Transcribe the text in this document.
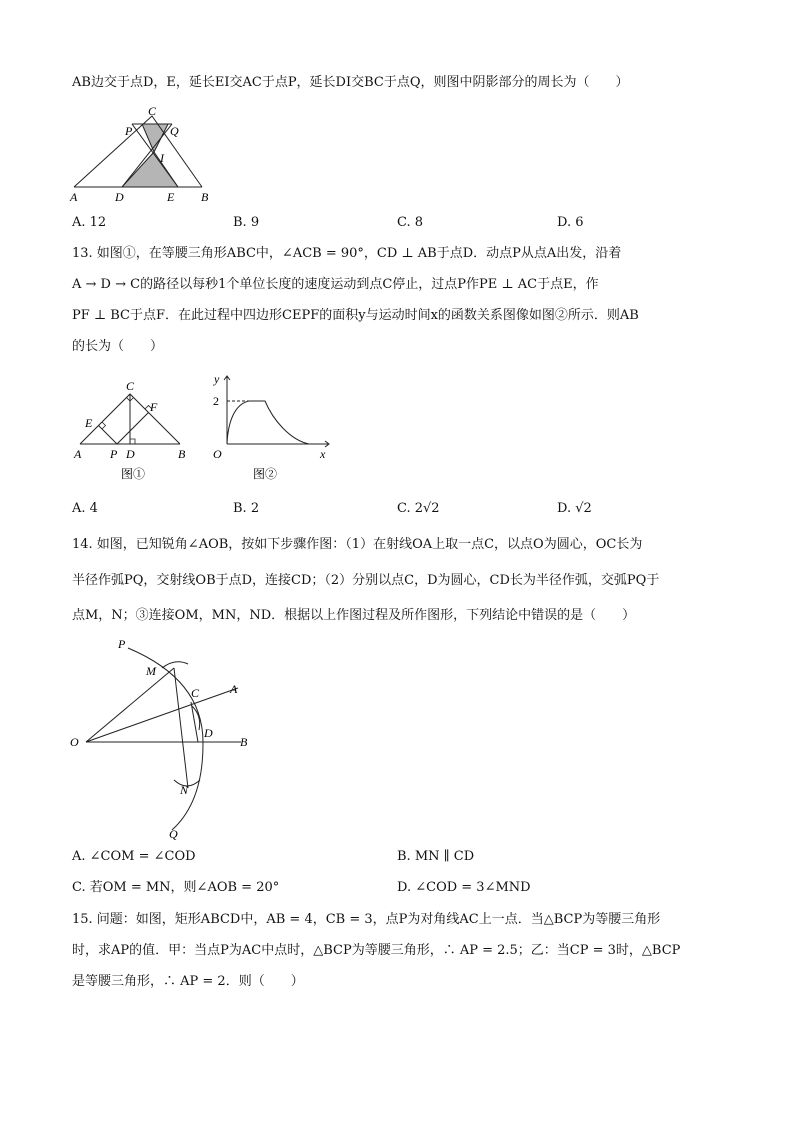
AB边交于点D，E，延长EI交AC于点P，延长DI交BC于点Q，则图中阴影部分的周长为（　　）
C
P	Q
I
A	D	E B
A. 12	B. 9	C. 8	D. 6
13. 如图①，在等腰三角形ABC中，∠ACB = 90°，CD ⊥ AB于点D．动点P从点A出发，沿着
A → D → C的路径以每秒1个单位长度的速度运动到点C停止，过点P作PE ⊥ AC于点E，作
PF ⊥ BC于点F．在此过程中四边形CEPF的面积y与运动时间x的函数关系图像如图②所示．则AB
的长为（　　）
C
E
F
A P D	B
图①
y
2
O	x
图②
A. 4	B. 2	C. 2√2	D. √2
14. 如图，已知锐角∠AOB，按如下步骤作图：（1）在射线OA上取一点C，以点O为圆心，OC长为
半径作弧PQ，交射线OB于点D，连接CD；（2）分别以点C，D为圆心，CD长为半径作弧，交弧PQ于
点M，N；③连接OM，MN，ND．根据以上作图过程及所作图形，下列结论中错误的是（　　）
P
M
C	A
O
D
B
N
Q
A. ∠COM = ∠COD	B. MN ∥ CD
C. 若OM = MN，则∠AOB = 20°	D. ∠COD = 3∠MND
15. 问题：如图，矩形ABCD中，AB = 4，CB = 3，点P为对角线AC上一点．当△BCP为等腰三角形
时，求AP的值．甲：当点P为AC中点时，△BCP为等腰三角形，∴ AP = 2.5；乙：当CP = 3时，△BCP
是等腰三角形，∴ AP = 2．则（　　）
